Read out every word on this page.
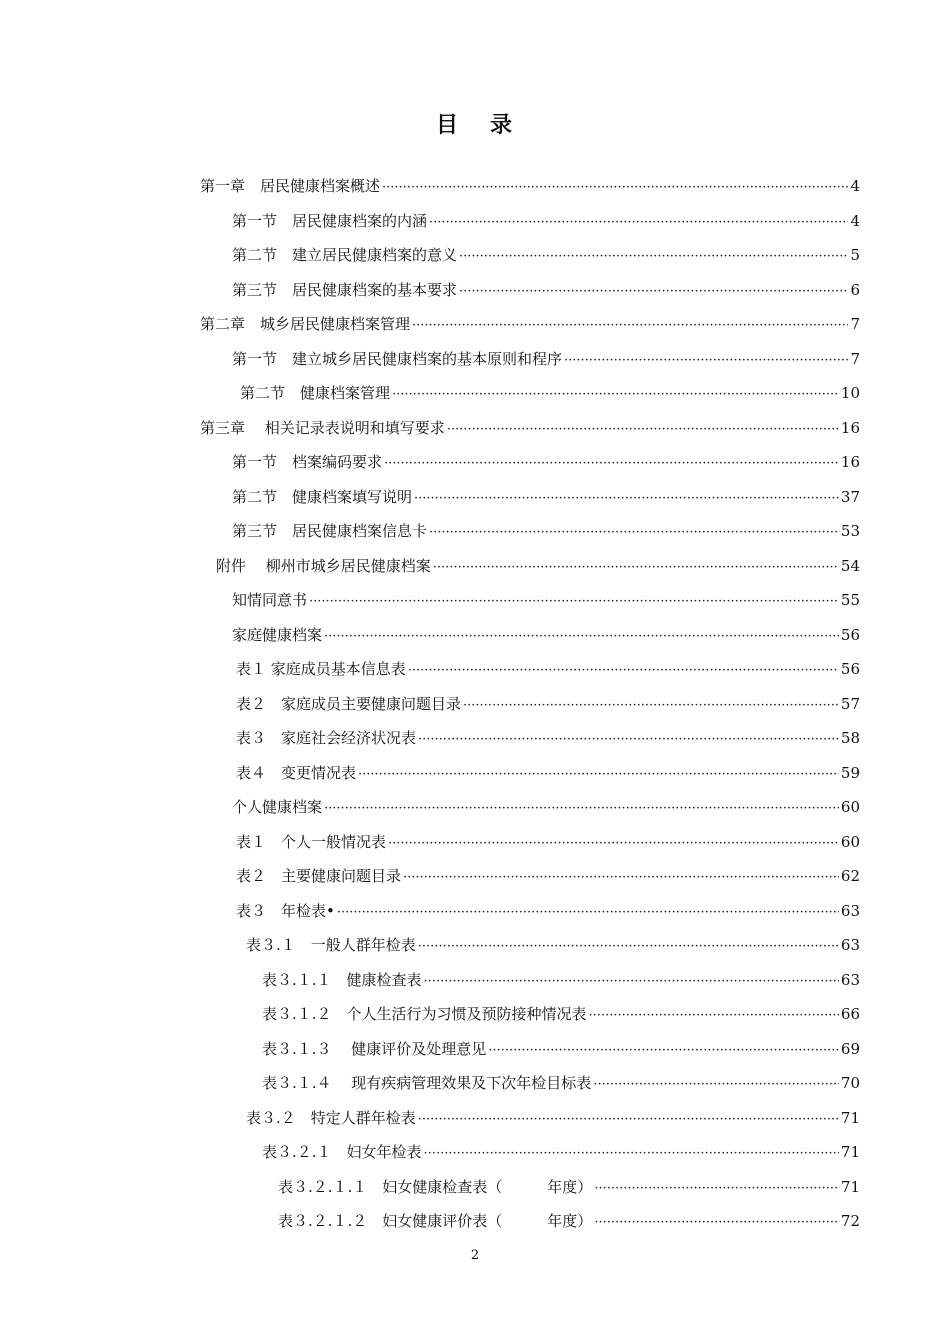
目 录
第一章　居民健康档案概述 ·····	4
第一节　居民健康档案的内涵 ·····	4
第二节　建立居民健康档案的意义 ·····	5
第三节　居民健康档案的基本要求 ·····	6
第二章　城乡居民健康档案管理 ·····	7
第一节　建立城乡居民健康档案的基本原则和程序 ·····	7
第二节　健康档案管理 ·····	10
第三章　 相关记录表说明和填写要求 ·····	16
第一节　档案编码要求 ·····	16
第二节　健康档案填写说明 ·····	37
第三节　居民健康档案信息卡 ·····	53
附件　 柳州市城乡居民健康档案 ·····	54
知情同意书 ·····	55
家庭健康档案 ·····	56
表１ 家庭成员基本信息表 ·····	56
表２　家庭成员主要健康问题目录 ·····	57
表３　家庭社会经济状况表 ·····	58
表４　变更情况表 ·····	59
个人健康档案 ·····	60
表１　个人一般情况表 ·····	60
表２　主要健康问题目录 ·····	62
表３　年检表• ·····	63
表３.１　一般人群年检表 ·····	63
表３.１.１　健康检查表 ·····	63
表３.１.２　个人生活行为习惯及预防接种情况表 ·····	66
表３.１.３　 健康评价及处理意见 ·····	69
表３.１.４　 现有疾病管理效果及下次年检目标表 ·····	70
表３.２　特定人群年检表 ·····	71
表３.２.１　妇女年检表 ·····	71
表３.２.１.１　妇女健康检查表（　　　年度） ·····	71
表３.２.１.２　妇女健康评价表（　　　年度） ·····	72
2
